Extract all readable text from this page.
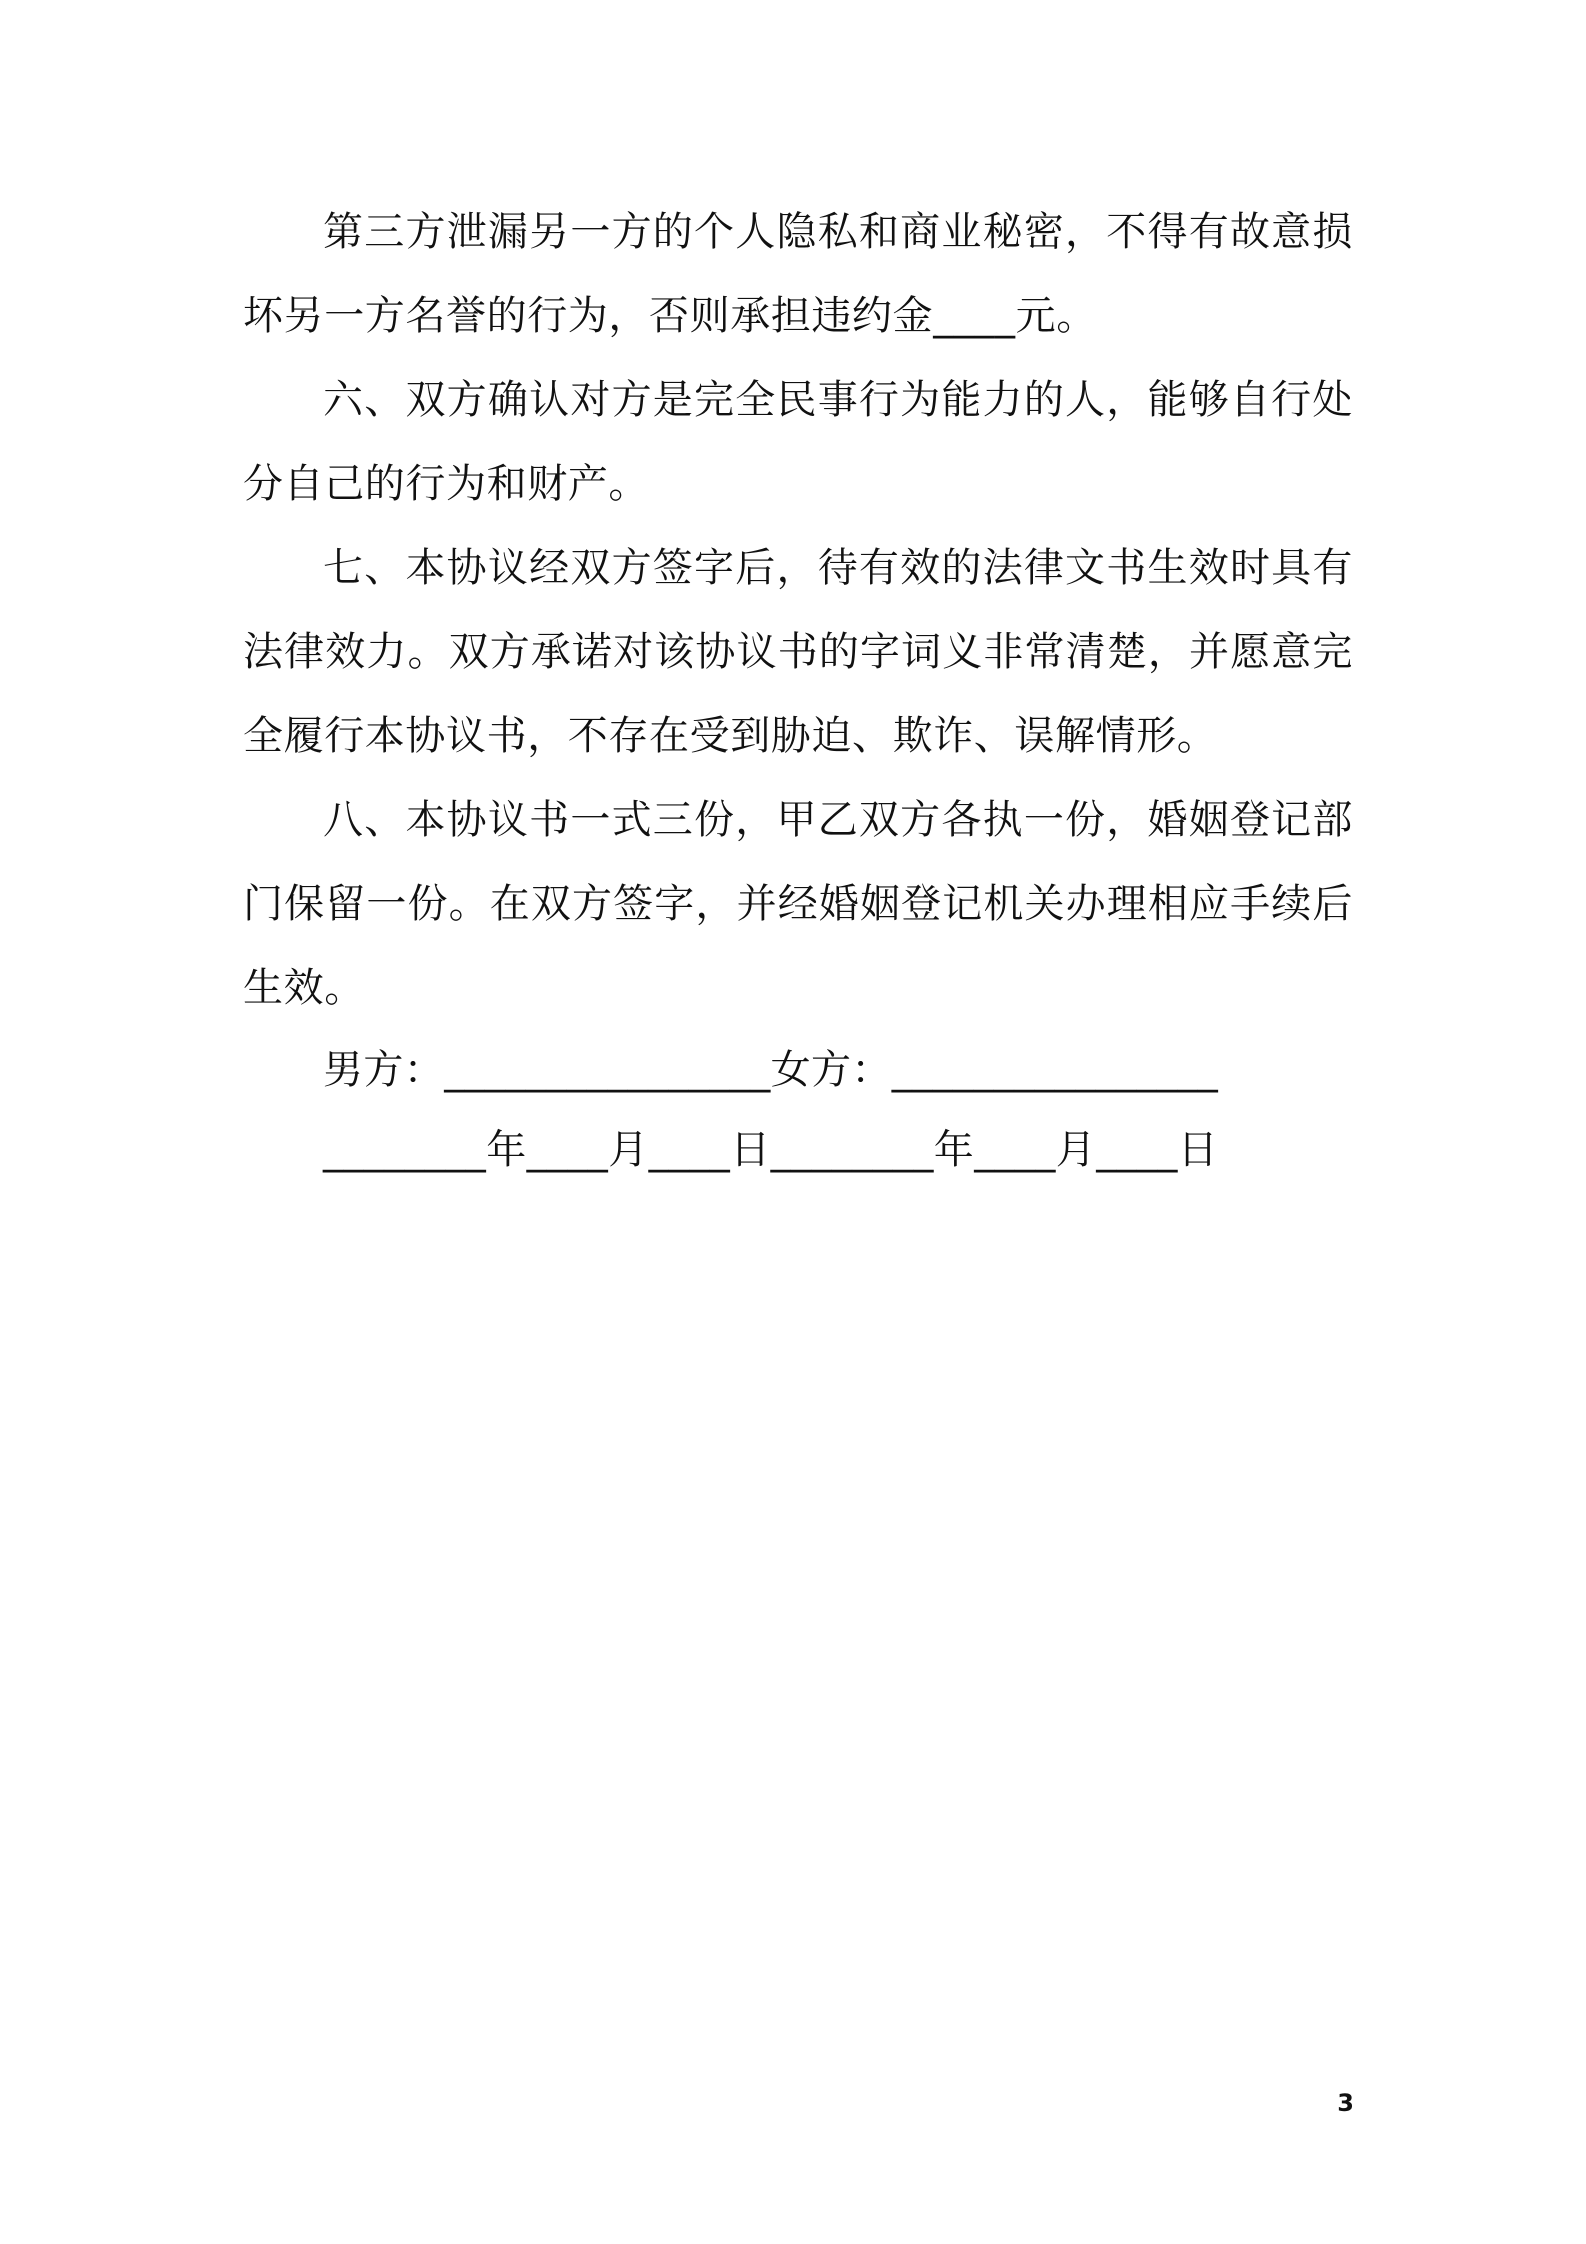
第三方泄漏另一方的个人隐私和商业秘密，不得有故意损坏另一方名誉的行为，否则承担违约金____元。

六、双方确认对方是完全民事行为能力的人，能够自行处分自己的行为和财产。

七、本协议经双方签字后，待有效的法律文书生效时具有法律效力。双方承诺对该协议书的字词义非常清楚，并愿意完全履行本协议书，不存在受到胁迫、欺诈、误解情形。

八、本协议书一式三份，甲乙双方各执一份，婚姻登记部门保留一份。在双方签字，并经婚姻登记机关办理相应手续后生效。

男方：________________女方：________________

________年____月____日________年____月____日

3
